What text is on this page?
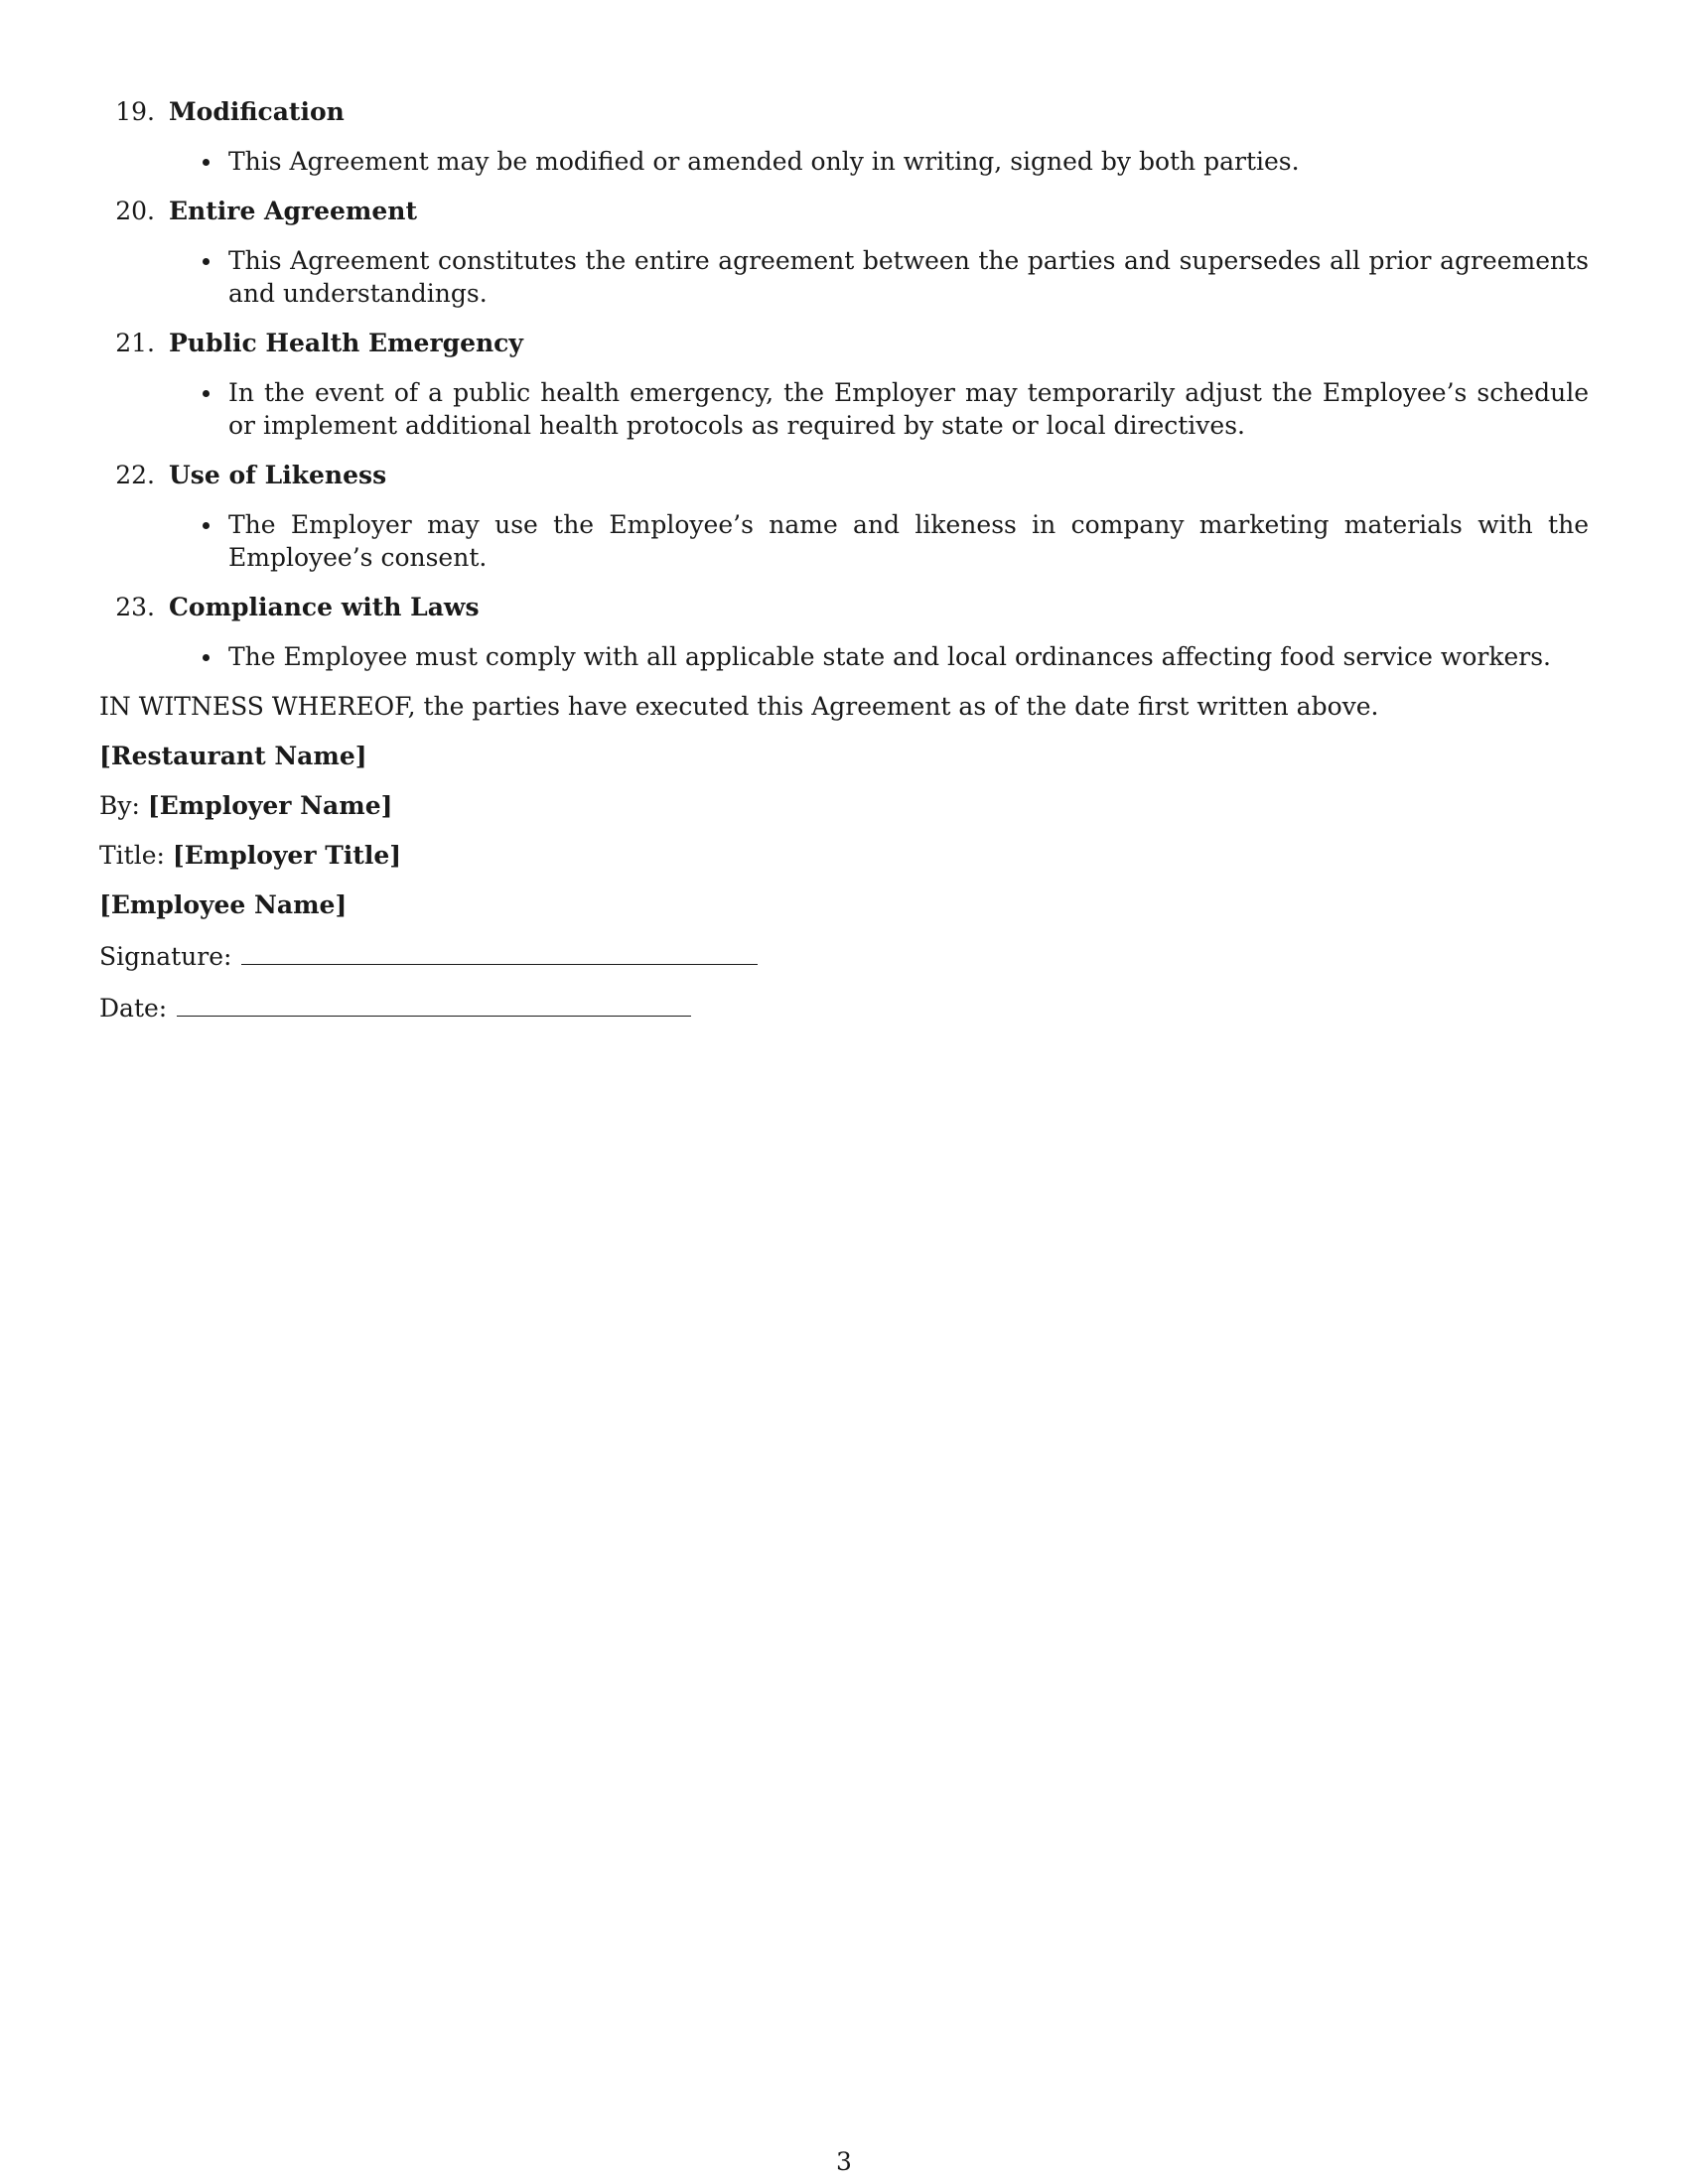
19. Modification
This Agreement may be modified or amended only in writing, signed by both parties.
20. Entire Agreement
This Agreement constitutes the entire agreement between the parties and supersedes all prior agreements and understandings.
21. Public Health Emergency
In the event of a public health emergency, the Employer may temporarily adjust the Employee’s schedule or implement additional health protocols as required by state or local directives.
22. Use of Likeness
The Employer may use the Employee’s name and likeness in company marketing materials with the Employee’s consent.
23. Compliance with Laws
The Employee must comply with all applicable state and local ordinances affecting food service workers.

IN WITNESS WHEREOF, the parties have executed this Agreement as of the date first written above.

[Restaurant Name]

By: [Employer Name]

Title: [Employer Title]

[Employee Name]

Signature:

Date:

3
